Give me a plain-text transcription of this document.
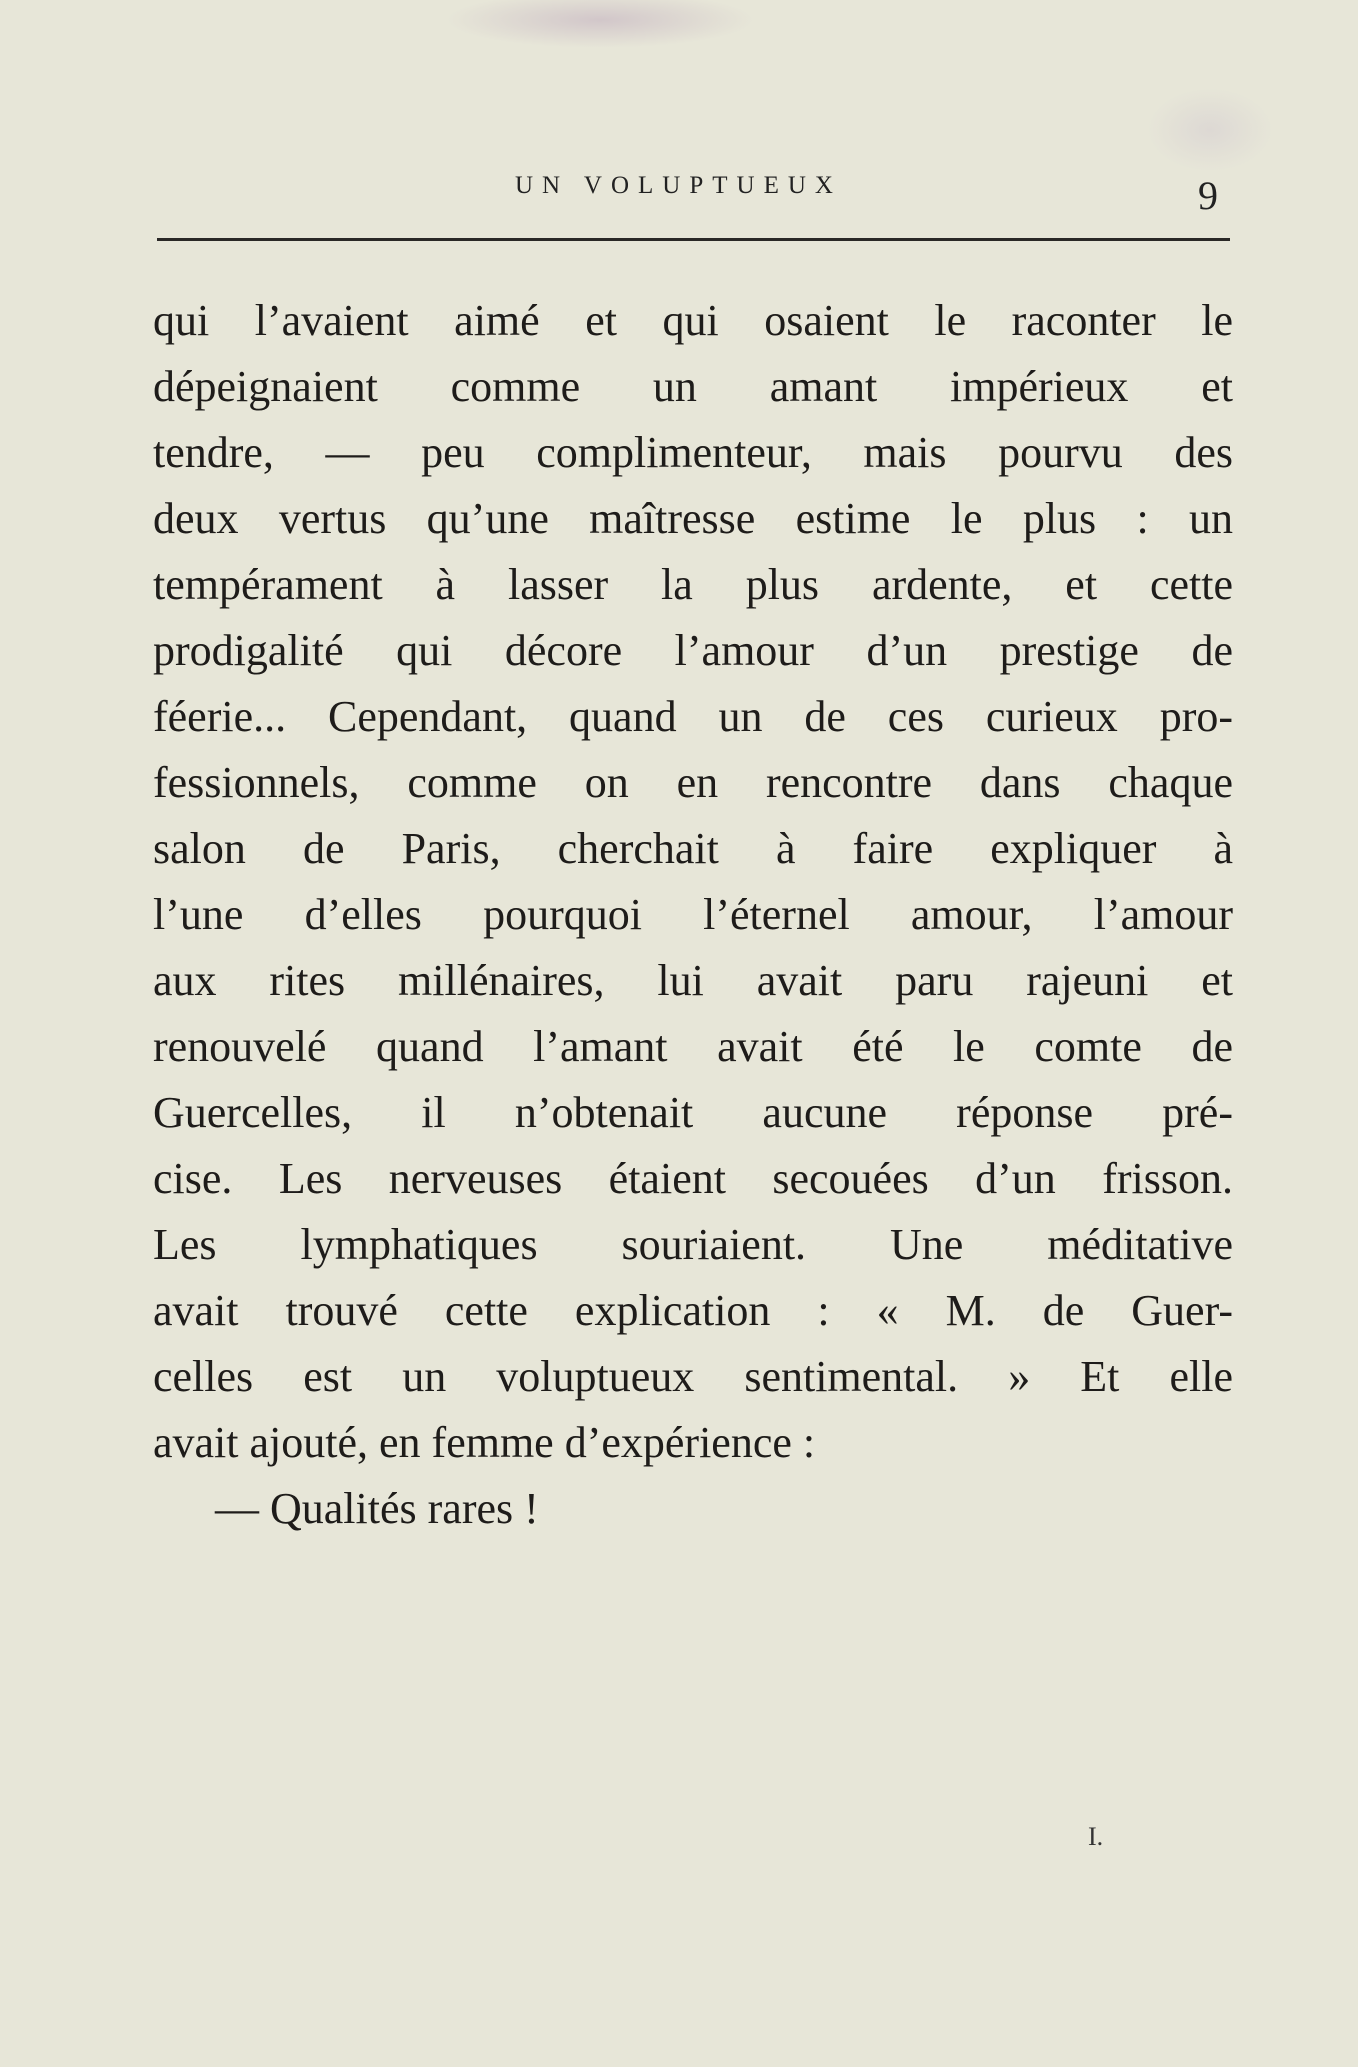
UN VOLUPTUEUX	9
qui l’avaient aimé et qui osaient le raconter le
dépeignaient comme un amant impérieux et
tendre, — peu complimenteur, mais pourvu des
deux vertus qu’une maîtresse estime le plus : un
tempérament à lasser la plus ardente, et cette
prodigalité qui décore l’amour d’un prestige de
féerie... Cependant, quand un de ces curieux pro-
fessionnels, comme on en rencontre dans chaque
salon de Paris, cherchait à faire expliquer à
l’une d’elles pourquoi l’éternel amour, l’amour
aux rites millénaires, lui avait paru rajeuni et
renouvelé quand l’amant avait été le comte de
Guercelles, il n’obtenait aucune réponse pré-
cise. Les nerveuses étaient secouées d’un frisson.
Les lymphatiques souriaient. Une méditative
avait trouvé cette explication : « M. de Guer-
celles est un voluptueux sentimental. » Et elle
avait ajouté, en femme d’expérience :
— Qualités rares !
I.
